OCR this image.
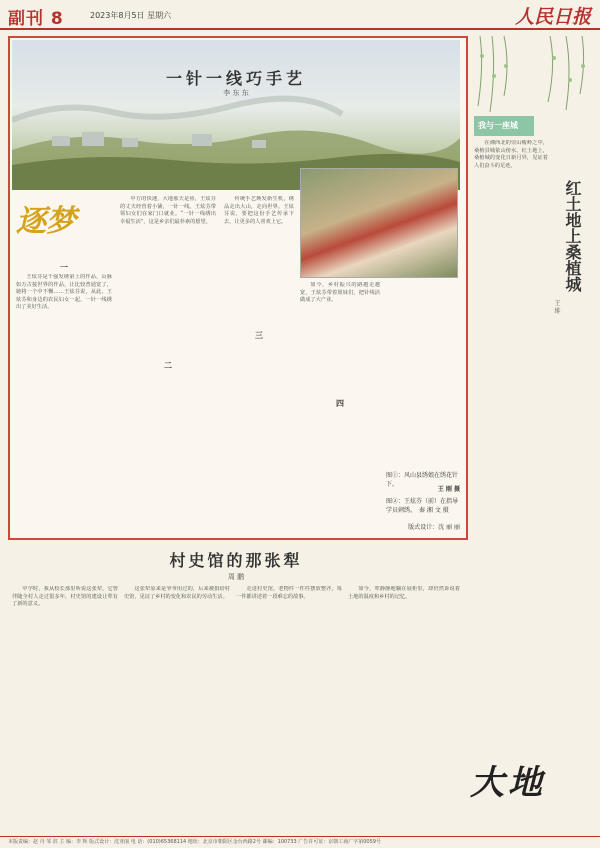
副刊 8	2023年8月5日 星期六	人民日报
一针一线巧手艺
李 东 东
逐梦
一

王炫芬是千强发绣第上的作品，山脉如万古接世界的作品，让比较普通宽了，她将一个中不懈……王炫芬说，从此，王炫芬和身边的农民妇女一起，一针一线绣出了美好生活。

中方的快速，大地那天是鱼，王炫芬的丈夫经营着小铺，一针一线。王炫芬带领妇女们在家门口就业。“一针一线绣出幸福生活”，这是乡亲们最朴素的愿望。

二

传统手艺焕发新生机，绣品走出大山，走向世界。王炫芬说，要把这份手艺传承下去，让更多的人喜欢上它。

三

如今，乡村振兴的路越走越宽，王炫芬带着姐妹们，把针线活做成了大产业。

四
图①：风山县绣娘在绣花针下。
王 刚 摄
图②：王炫芬（前）在指导学员刺绣。　秦 湘 文 摄
版式设计：沈 丽 丽
村史馆的那张犁
周 鹏

中学时，我从校长那里听说这张犁，它曾伴随全村人走过很多年，村史馆的建设让犁有了新的意义。

这张犁原来是爷爷用过的，后来被捐给村史馆，见证了乡村的变化和农民的劳动生活。

走进村史馆，老物件一件件摆放整齐，每一件都讲述着一段难忘的故事。

如今，犁静静地躺在展柜里，却仍然诉说着土地的温度和乡村的记忆。

我与一座城
红土地上桑植城
王 绯

在湘西北的崇山峻岭之中，桑植县城依山傍水。红土地上，桑植城的变化日新月异，见证着人们奋斗的足迹。

大地
本版责编：赵 丹 邹 滨 主 编：李 辉 版式设计：沈亚丽 电 话：(010)65368114 地址：北京市朝阳区金台西路2号 邮编：100733 广告许可证：京朝工商广字第0059号
